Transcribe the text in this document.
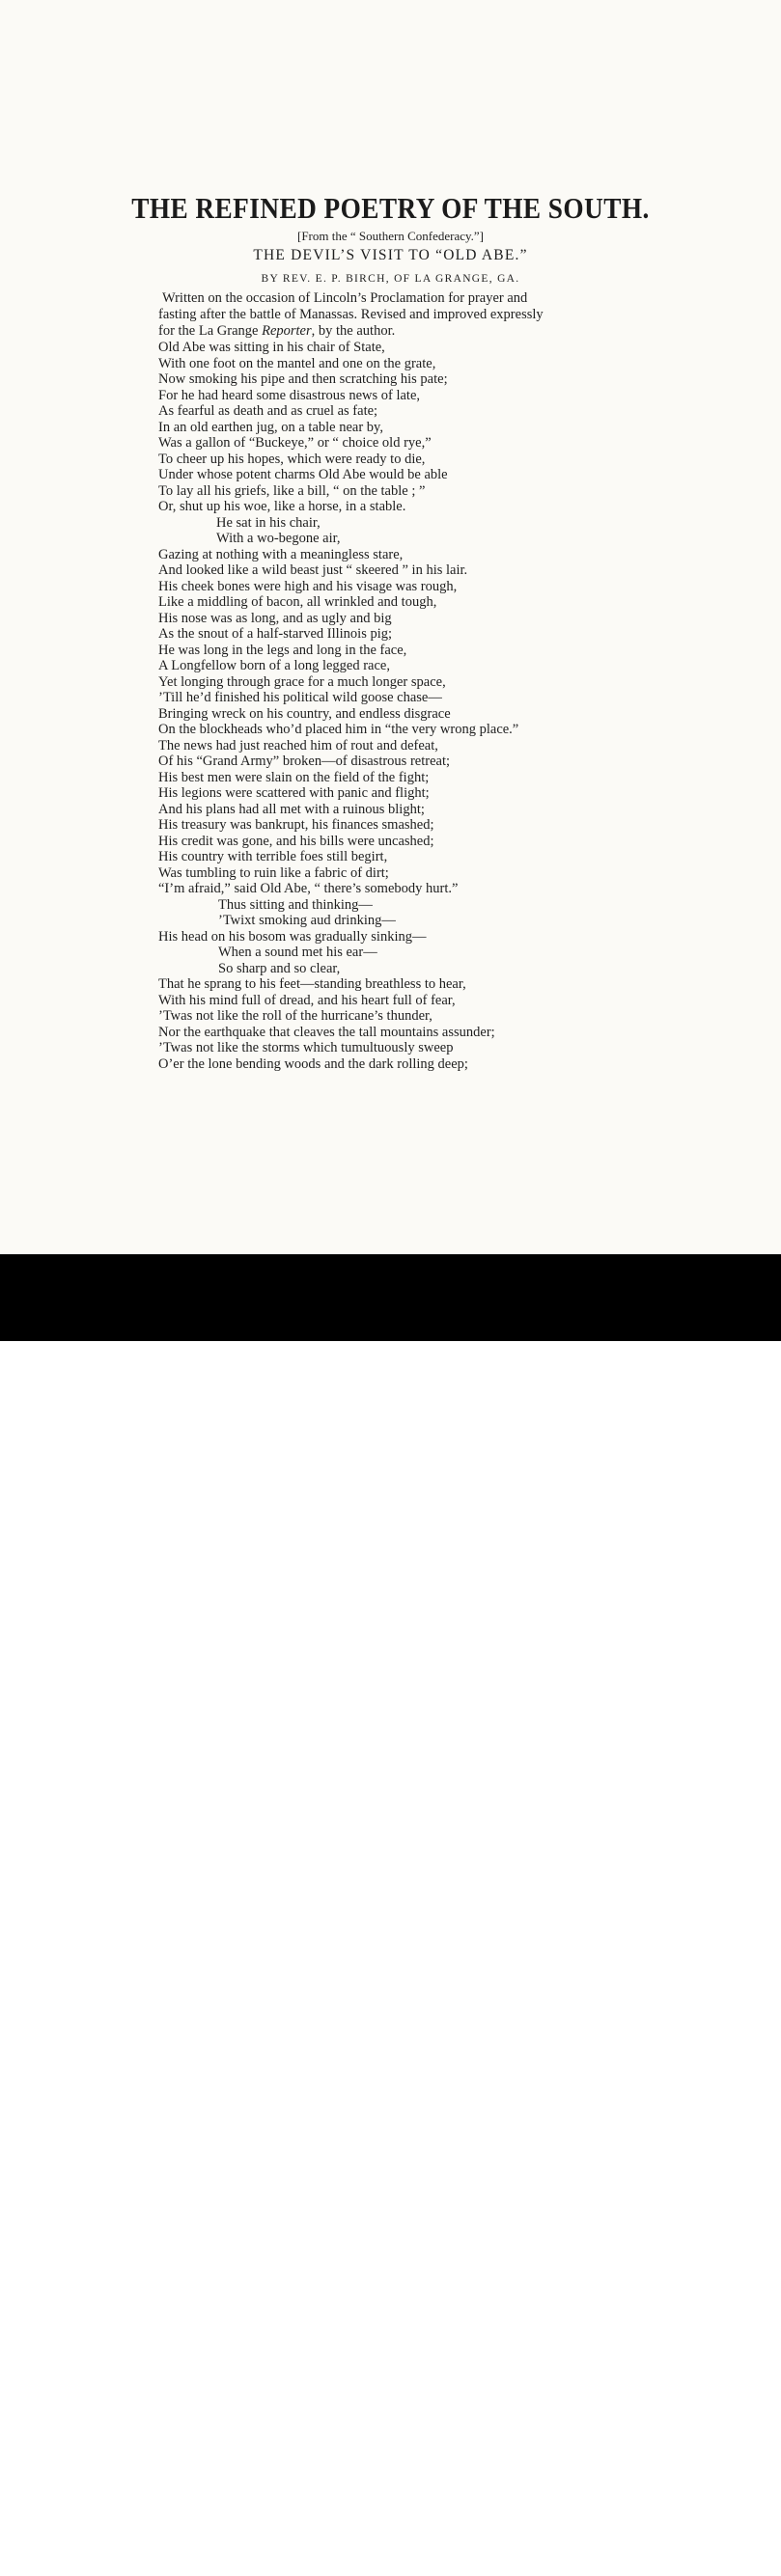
THE REFINED POETRY OF THE SOUTH.
[From the “ Southern Confederacy.”]
THE DEVIL’S VISIT TO “OLD ABE.”
BY REV. E. P. BIRCH, OF LA GRANGE, GA.

Written on the occasion of Lincoln’s Proclamation for prayer and

fasting after the battle of Manassas. Revised and improved expressly

for the La Grange Reporter, by the author.

Old Abe was sitting in his chair of State,
With one foot on the mantel and one on the grate,
Now smoking his pipe and then scratching his pate;
For he had heard some disastrous news of late,
As fearful as death and as cruel as fate;
In an old earthen jug, on a table near by,
Was a gallon of “Buckeye,” or “ choice old rye,”
To cheer up his hopes, which were ready to die,
Under whose potent charms Old Abe would be able
To lay all his griefs, like a bill, “ on the table ; ”
Or, shut up his woe, like a horse, in a stable.
He sat in his chair,
With a wo-begone air,
Gazing at nothing with a meaningless stare,
And looked like a wild beast just “ skeered ” in his lair.
His cheek bones were high and his visage was rough,
Like a middling of bacon, all wrinkled and tough,
His nose was as long, and as ugly and big
As the snout of a half-starved Illinois pig;
He was long in the legs and long in the face,
A Longfellow born of a long legged race,
Yet longing through grace for a much longer space,
’Till he’d finished his political wild goose chase—
Bringing wreck on his country, and endless disgrace
On the blockheads who’d placed him in “the very wrong place.”
The news had just reached him of rout and defeat,
Of his “Grand Army” broken—of disastrous retreat;
His best men were slain on the field of the fight;
His legions were scattered with panic and flight;
And his plans had all met with a ruinous blight;
His treasury was bankrupt, his finances smashed;
His credit was gone, and his bills were uncashed;
His country with terrible foes still begirt,
Was tumbling to ruin like a fabric of dirt;
“I’m afraid,” said Old Abe, “ there’s somebody hurt.”
Thus sitting and thinking—
’Twixt smoking aud drinking—
His head on his bosom was gradually sinking—
When a sound met his ear—
So sharp and so clear,
That he sprang to his feet—standing breathless to hear,
With his mind full of dread, and his heart full of fear,
’Twas not like the roll of the hurricane’s thunder,
Nor the earthquake that cleaves the tall mountains assunder;
’Twas not like the storms which tumultuously sweep
O’er the lone bending woods and the dark rolling deep;
alamy	K27HMC
www.alamy.com
